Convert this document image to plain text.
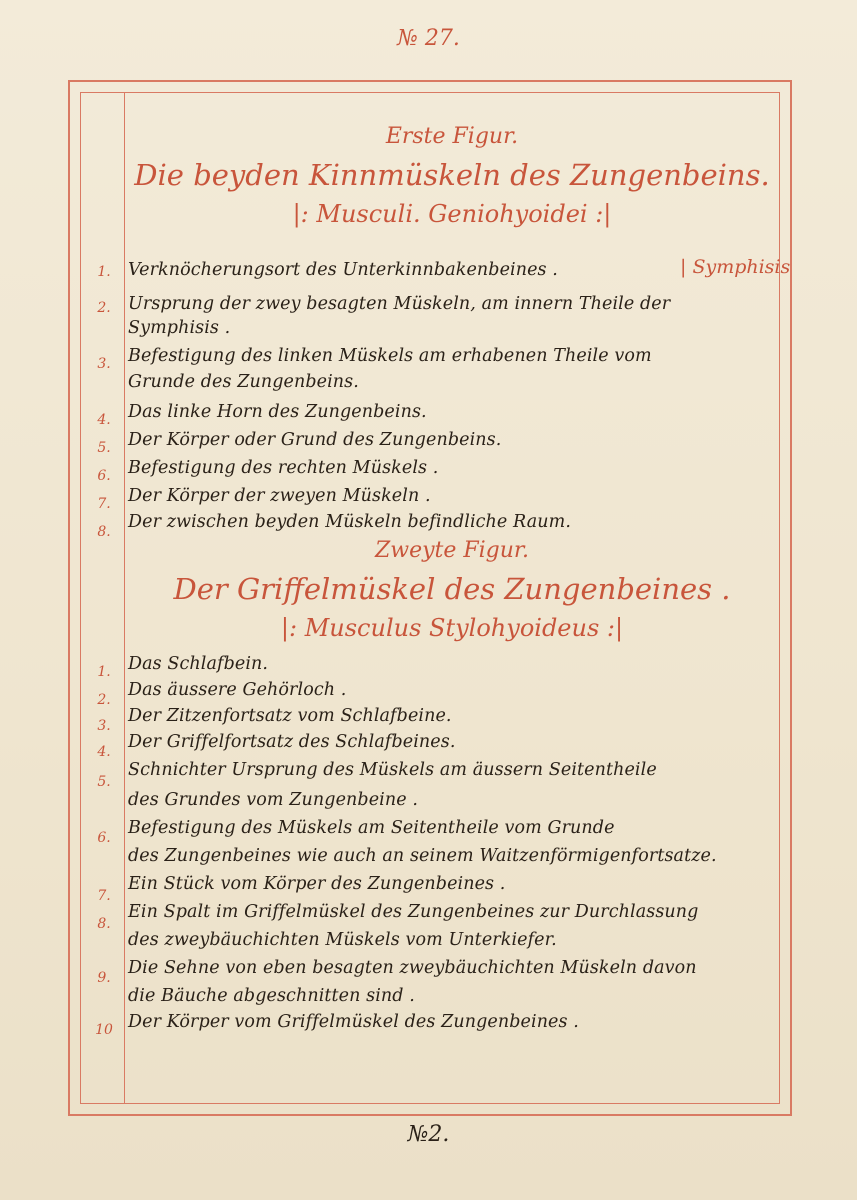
№ 27.
Erste Figur.
Die beyden Kinnmüskeln des Zungenbeins.
|: Musculi. Geniohyoidei :|
| Symphisis
1. Verknöcherungsort des Unterkinnbakenbeines .
2. Ursprung der zwey besagten Müskeln, am innern Theile der
Symphisis .
3. Befestigung des linken Müskels am erhabenen Theile vom
Grunde des Zungenbeins.
4. Das linke Horn des Zungenbeins.
5. Der Körper oder Grund des Zungenbeins.
6. Befestigung des rechten Müskels .
7. Der Körper der zweyen Müskeln .
8. Der zwischen beyden Müskeln befindliche Raum.
Zweyte Figur.
Der Griffelmüskel des Zungenbeines .
|: Musculus Stylohyoideus :|
1. Das Schlafbein.
2. Das äussere Gehörloch .
3. Der Zitzenfortsatz vom Schlafbeine.
4. Der Griffelfortsatz des Schlafbeines.
5.
Schnichter Ursprung des Müskels am äussern Seitentheile
des Grundes vom Zungenbeine .
6. Befestigung des Müskels am Seitentheile vom Grunde
des Zungenbeines wie auch an seinem Waitzenförmigenfortsatze.
7.
Ein Stück vom Körper des Zungenbeines .
8.
Ein Spalt im Griffelmüskel des Zungenbeines zur Durchlassung
des zweybäuchichten Müskels vom Unterkiefer.
9. Die Sehne von eben besagten zweybäuchichten Müskeln davon
die Bäuche abgeschnitten sind .
10 Der Körper vom Griffelmüskel des Zungenbeines .
№2.
